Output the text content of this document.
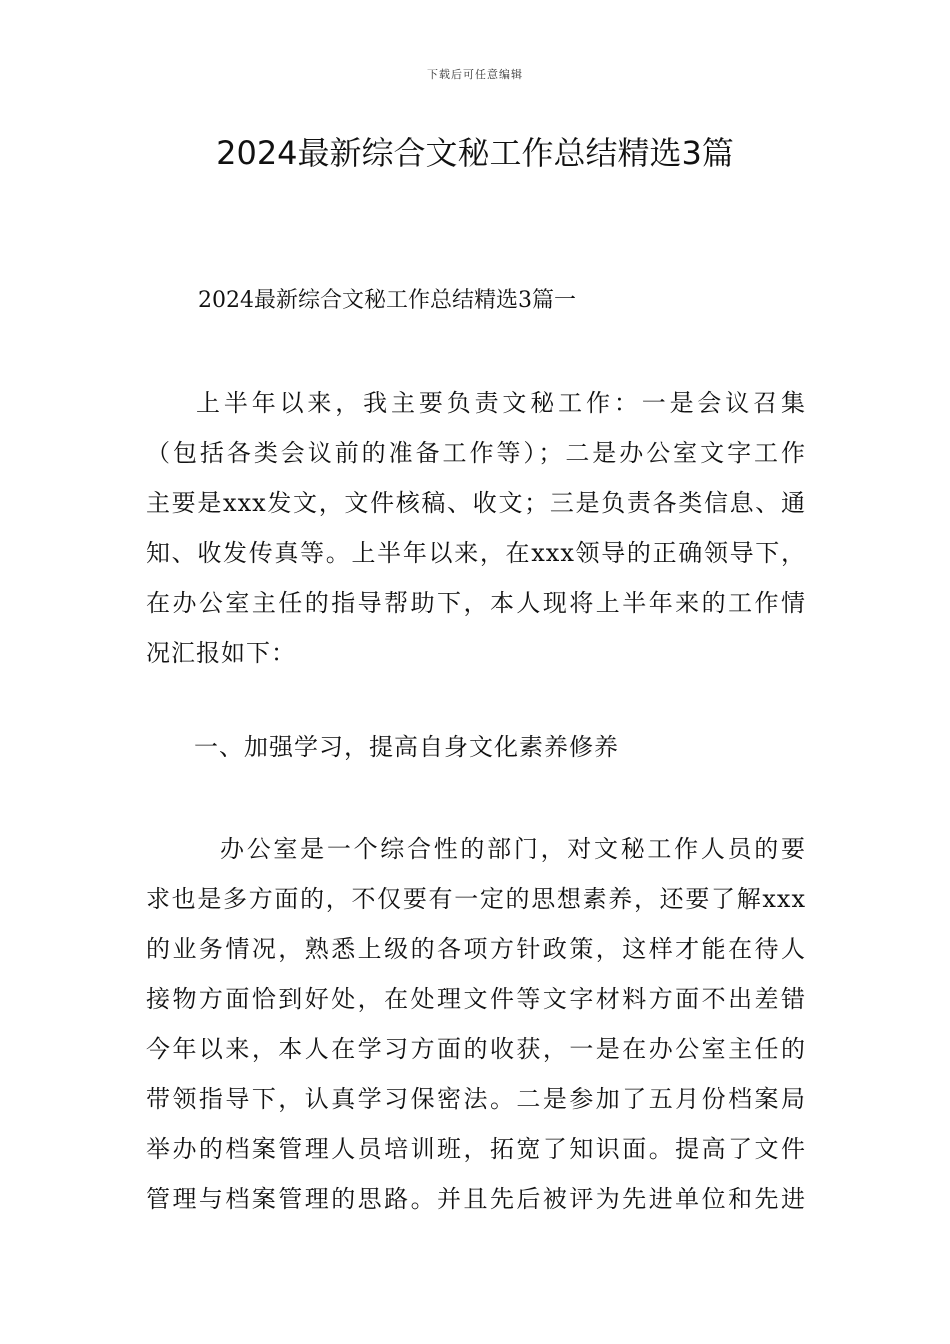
下载后可任意编辑
2024最新综合文秘工作总结精选3篇
2024最新综合文秘工作总结精选3篇一
上半年以来，我主要负责文秘工作：一是会议召集
（包括各类会议前的准备工作等）；二是办公室文字工作
主要是xxx发文，文件核稿、收文；三是负责各类信息、通
知、收发传真等。上半年以来，在xxx领导的正确领导下，
在办公室主任的指导帮助下，本人现将上半年来的工作情
况汇报如下：
一、加强学习，提高自身文化素养修养
办公室是一个综合性的部门，对文秘工作人员的要
求也是多方面的，不仅要有一定的思想素养，还要了解xxx
的业务情况，熟悉上级的各项方针政策，这样才能在待人
接物方面恰到好处，在处理文件等文字材料方面不出差错
今年以来，本人在学习方面的收获，一是在办公室主任的
带领指导下，认真学习保密法。二是参加了五月份档案局
举办的档案管理人员培训班，拓宽了知识面。提高了文件
管理与档案管理的思路。并且先后被评为先进单位和先进
